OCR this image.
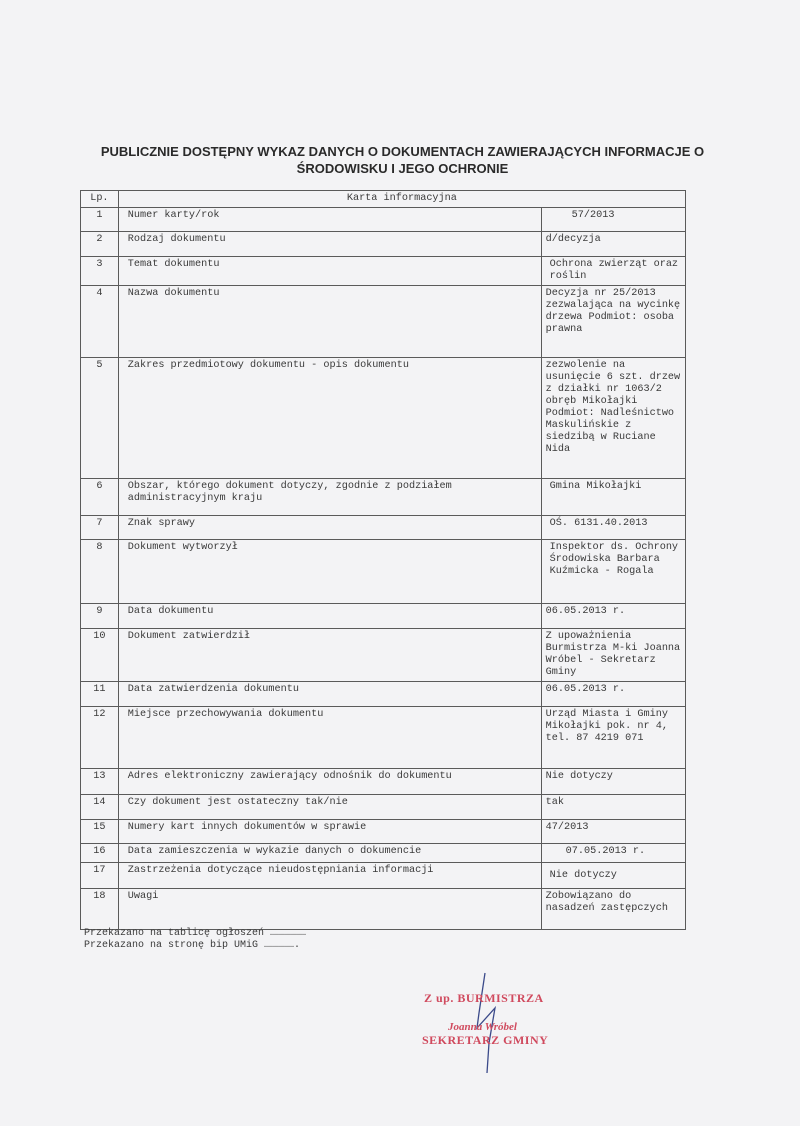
PUBLICZNIE DOSTĘPNY WYKAZ DANYCH O DOKUMENTACH ZAWIERAJĄCYCH INFORMACJE O
ŚRODOWISKU I JEGO OCHRONIE
Lp.	Karta informacyjna	
1	Numer karty/rok	57/2013
2	Rodzaj dokumentu	d/decyzja
3	Temat dokumentu	Ochrona zwierząt oraz roślin
4	Nazwa dokumentu	Decyzja nr 25/2013 zezwalająca na wycinkę drzewa Podmiot: osoba prawna
5	Zakres przedmiotowy dokumentu - opis dokumentu	zezwolenie na usunięcie 6 szt. drzew z działki nr 1063/2 obręb Mikołajki Podmiot: Nadleśnictwo Maskulińskie z siedzibą w Ruciane Nida
6	Obszar, którego dokument dotyczy, zgodnie z podziałem administracyjnym kraju	Gmina Mikołajki
7	Znak sprawy	OŚ. 6131.40.2013
8	Dokument wytworzył	Inspektor ds. Ochrony Środowiska Barbara Kuźmicka - Rogala
9	Data dokumentu	06.05.2013 r.
10	Dokument zatwierdził	Z upoważnienia Burmistrza M-ki Joanna Wróbel - Sekretarz Gminy
11	Data zatwierdzenia dokumentu	06.05.2013 r.
12	Miejsce przechowywania dokumentu	Urząd Miasta i Gminy Mikołajki pok. nr 4, tel. 87 4219 071
13	Adres elektroniczny zawierający odnośnik do dokumentu	Nie dotyczy
14	Czy dokument jest ostateczny tak/nie	tak
15	Numery kart innych dokumentów w sprawie	47/2013
16	Data zamieszczenia w wykazie danych o dokumencie	07.05.2013 r.
17	Zastrzeżenia dotyczące nieudostępniania informacji	Nie dotyczy
18	Uwagi	Zobowiązano do nasadzeń zastępczych
Przekazano na tablicę ogłoszeń ………………
Przekazano na stronę bip UMiG …………….
Z up. BURMISTRZA
Joanna Wróbel
SEKRETARZ GMINY
